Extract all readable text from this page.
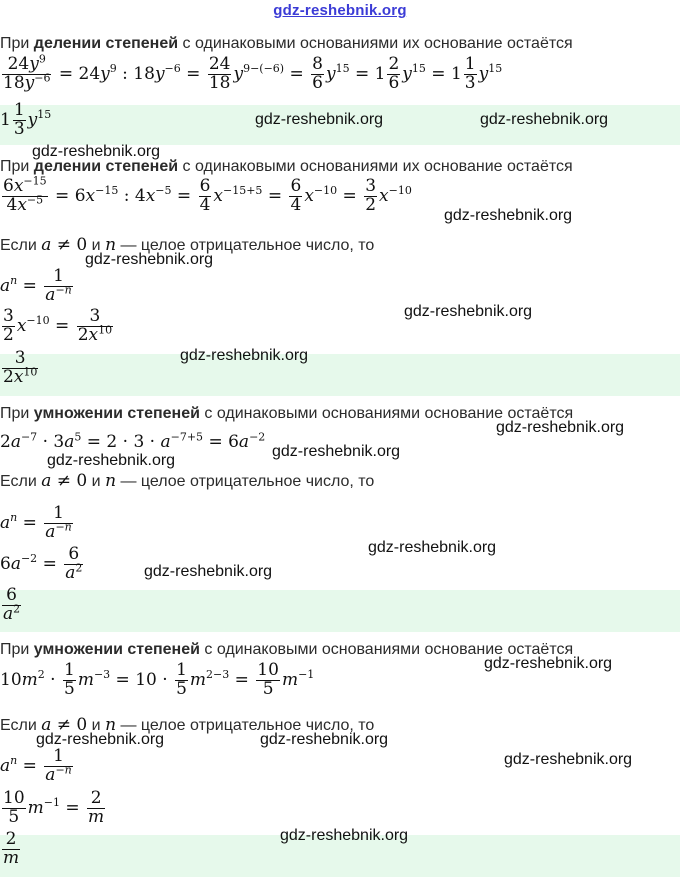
gdz-reshebnik.org
При делении степеней с одинаковыми основаниями их основание остаётся
$\frac{24y^9}{18y^{-6}} = 24y^9$ : $18y^{-6} = \frac{24}{18} y^{9-(-6)} = \frac{8}{6} y^{15} = 1 \frac{2}{6} y^{15} = 1 \frac{1}{3} y^{15}$
$1 \frac{1}{3} y^{15}$
При делении степеней с одинаковыми основаниями их основание остаётся
$\frac{6x^{-15}}{4x^{-5}} = 6x^{-15}$ : $4x^{-5} = \frac{6}{4} x^{-15+5} = \frac{6}{4} x^{-10} = \frac{3}{2} x^{-10}$
Если a ≠ 0 и n — целое отрицательное число, то
$a^n = \frac{1}{a^{-n}}$
$\frac{3}{2} x^{-10} = \frac{3}{2x^{10}}$
$\frac{3}{2x^{10}}$
При умножении степеней с одинаковыми основаниями основание остаётся
$2a^{-7} \cdot 3a^5 = 2 \cdot 3 \cdot a^{-7+5} = 6a^{-2}$
Если a ≠ 0 и n — целое отрицательное число, то
$a^n = \frac{1}{a^{-n}}$
$6a^{-2} = \frac{6}{a^2}$
$\frac{6}{a^2}$
При умножении степеней с одинаковыми основаниями основание остаётся
$10m^2 \cdot \frac{1}{5} m^{-3} = 10 \cdot \frac{1}{5} m^{2-3} = \frac{10}{5} m^{-1}$
Если a ≠ 0 и n — целое отрицательное число, то
$a^n = \frac{1}{a^{-n}}$
$\frac{10}{5} m^{-1} = \frac{2}{m}$
$\frac{2}{m}$
gdz-reshebnik.org	gdz-reshebnik.org
gdz-reshebnik.org
gdz-reshebnik.org
gdz-reshebnik.org
gdz-reshebnik.org
gdz-reshebnik.org
gdz-reshebnik.org
gdz-reshebnik.org
gdz-reshebnik.org
gdz-reshebnik.org
gdz-reshebnik.org
gdz-reshebnik.org
gdz-reshebnik.org	gdz-reshebnik.org
gdz-reshebnik.org
gdz-reshebnik.org
